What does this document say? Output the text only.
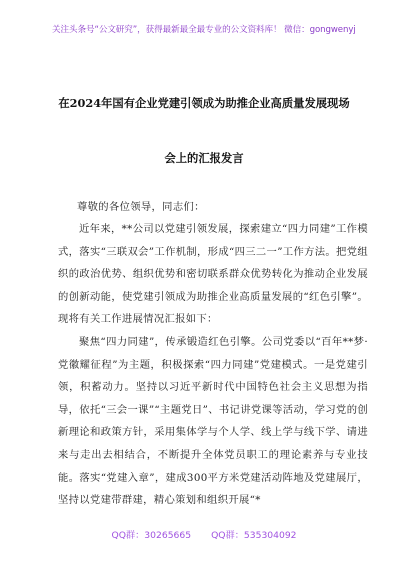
关注头条号“公文研究”，获得最新最全最专业的公文资料库！ 微信：gongwenyj
在2024年国有企业党建引领成为助推企业高质量发展现场
会上的汇报发言
尊敬的各位领导，同志们：
近年来，**公司以党建引领发展，探索建立“四力同建”工作模式，落实“三联双会”工作机制，形成“四三二一”工作方法。把党组织的政治优势、组织优势和密切联系群众优势转化为推动企业发展的创新动能，使党建引领成为助推企业高质量发展的“红色引擎”。现将有关工作进展情况汇报如下：
聚焦“四力同建”，传承锻造红色引擎。公司党委以“百年**梦·党徽耀征程”为主题，积极探索“四力同建”党建模式。一是党建引领，积蓄动力。坚持以习近平新时代中国特色社会主义思想为指导，依托“三会一课”“主题党日”、书记讲党课等活动，学习党的创新理论和政策方针，采用集体学与个人学、线上学与线下学、请进来与走出去相结合，不断提升全体党员职工的理论素养与专业技能。落实“党建入章”，建成300平方米党建活动阵地及党建展厅，坚持以党建带群建，精心策划和组织开展“*
QQ群：30265665 QQ群：535304092
